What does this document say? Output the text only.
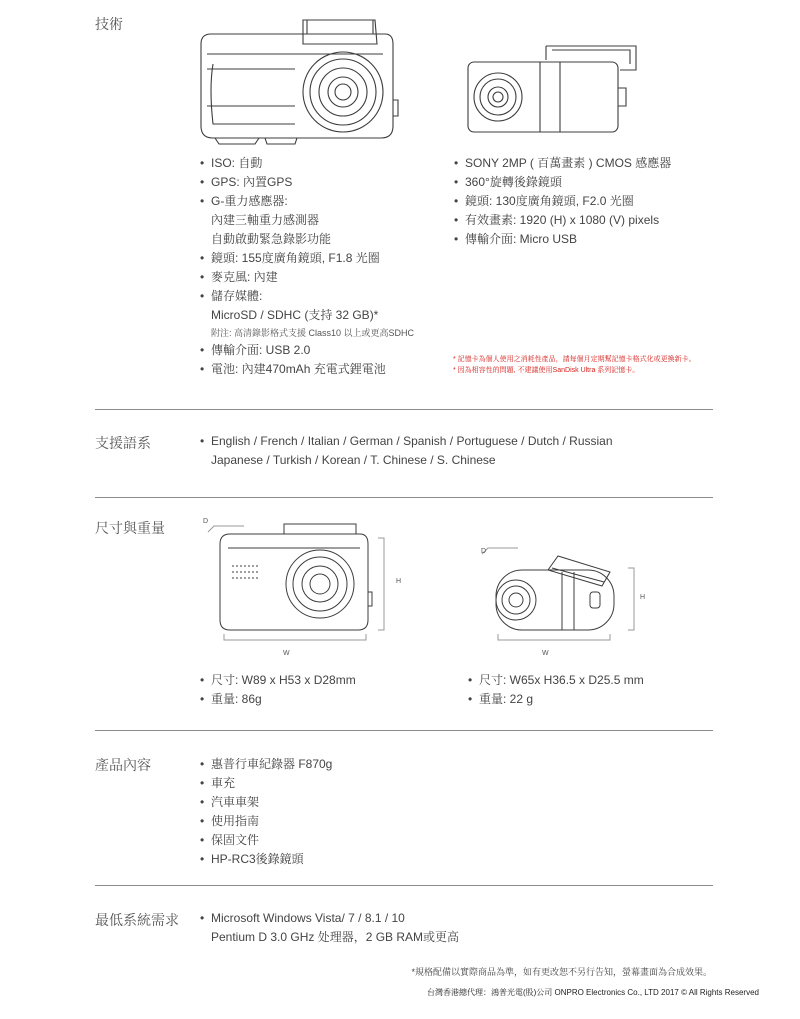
技術
• ISO: 自動
• GPS: 內置GPS
• G-重力感應器:
內建三軸重力感測器
自動啟動緊急錄影功能
• 鏡頭: 155度廣角鏡頭, F1.8 光圈
• 麥克風: 內建
• 儲存媒體:
MicroSD / SDHC (支持 32 GB)*
附注: 高清錄影格式支援 Class10 以上或更高SDHC
• 傳輸介面: USB 2.0
• 電池: 內建470mAh 充電式鋰電池
• SONY 2MP ( 百萬畫素 ) CMOS 感應器
• 360°旋轉後錄鏡頭
• 鏡頭: 130度廣角鏡頭, F2.0 光圈
• 有效畫素: 1920 (H) x 1080 (V) pixels
• 傳輸介面: Micro USB
* 記憶卡為個人使用之消耗性產品，請每個月定期幫記憶卡格式化或更換新卡。
* 因為相容性的問題, 不建議使用SanDisk Ultra 系列記憶卡。
支援語系	• English / French / Italian / German / Spanish / Portuguese / Dutch / Russian
Japanese / Turkish / Korean / T. Chinese / S. Chinese
尺寸與重量	D
H
W
D
H
W
• 尺寸: W89 x H53 x D28mm
• 重量: 86g
• 尺寸: W65x H36.5 x D25.5 mm
• 重量: 22 g
產品內容	• 惠普行車紀錄器 F870g
• 車充
• 汽車車架
• 使用指南
• 保固文件
• HP-RC3後錄鏡頭
最低系統需求	• Microsoft Windows Vista/ 7 / 8.1 / 10
Pentium D 3.0 GHz 处理器，2 GB RAM或更高
*規格配備以實際商品為準，如有更改恕不另行告知，螢幕畫面為合成效果。
台灣香港總代理：鴻普光電(股)公司 ONPRO Electronics Co., LTD 2017 © All Rights Reserved
